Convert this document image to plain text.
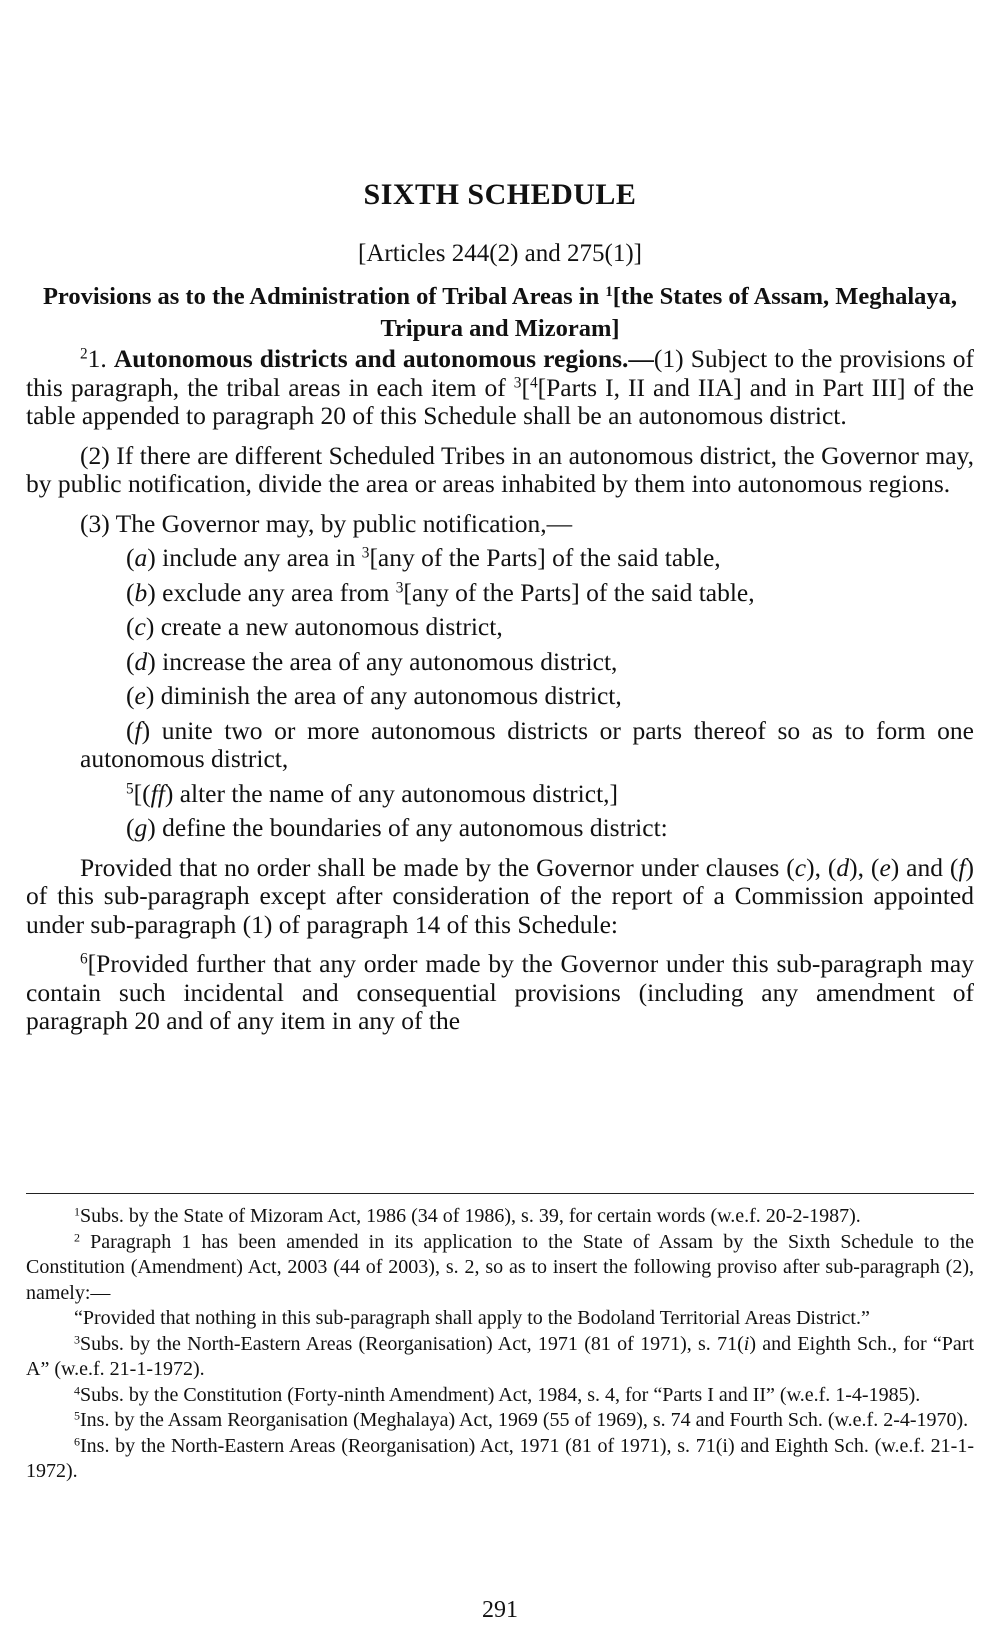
SIXTH SCHEDULE
[Articles 244(2) and 275(1)]
Provisions as to the Administration of Tribal Areas in $^1$[the States of Assam, Meghalaya, Tripura and Mizoram]

$^2$1. Autonomous districts and autonomous regions.—(1) Subject to the provisions of this paragraph, the tribal areas in each item of $^3$[$^4$[Parts I, II and IIA] and in Part III] of the table appended to paragraph 20 of this Schedule shall be an autonomous district.

(2) If there are different Scheduled Tribes in an autonomous district, the Governor may, by public notification, divide the area or areas inhabited by them into autonomous regions.

(3) The Governor may, by public notification,—

(a) include any area in $^3$[any of the Parts] of the said table,

(b) exclude any area from $^3$[any of the Parts] of the said table,

(c) create a new autonomous district,

(d) increase the area of any autonomous district,

(e) diminish the area of any autonomous district,

(f) unite two or more autonomous districts or parts thereof so as to form one autonomous district,

$^5$[(ff) alter the name of any autonomous district,]

(g) define the boundaries of any autonomous district:

Provided that no order shall be made by the Governor under clauses (c), (d), (e) and (f) of this sub-paragraph except after consideration of the report of a Commission appointed under sub-paragraph (1) of paragraph 14 of this Schedule:

$^6$[Provided further that any order made by the Governor under this sub-paragraph may contain such incidental and consequential provisions (including any amendment of paragraph 20 and of any item in any of the

$^1$Subs. by the State of Mizoram Act, 1986 (34 of 1986), s. 39, for certain words (w.e.f. 20-2-1987).

$^2$ Paragraph 1 has been amended in its application to the State of Assam by the Sixth Schedule to the Constitution (Amendment) Act, 2003 (44 of 2003), s. 2, so as to insert the following proviso after sub-paragraph (2), namely:—

“Provided that nothing in this sub-paragraph shall apply to the Bodoland Territorial Areas District.”

$^3$Subs. by the North-Eastern Areas (Reorganisation) Act, 1971 (81 of 1971), s. 71(i) and Eighth Sch., for “Part A” (w.e.f. 21-1-1972).

$^4$Subs. by the Constitution (Forty-ninth Amendment) Act, 1984, s. 4, for “Parts I and II” (w.e.f. 1-4-1985).

$^5$Ins. by the Assam Reorganisation (Meghalaya) Act, 1969 (55 of 1969), s. 74 and Fourth Sch. (w.e.f. 2-4-1970).

$^6$Ins. by the North-Eastern Areas (Reorganisation) Act, 1971 (81 of 1971), s. 71(i) and Eighth Sch. (w.e.f. 21-1-1972).

291
